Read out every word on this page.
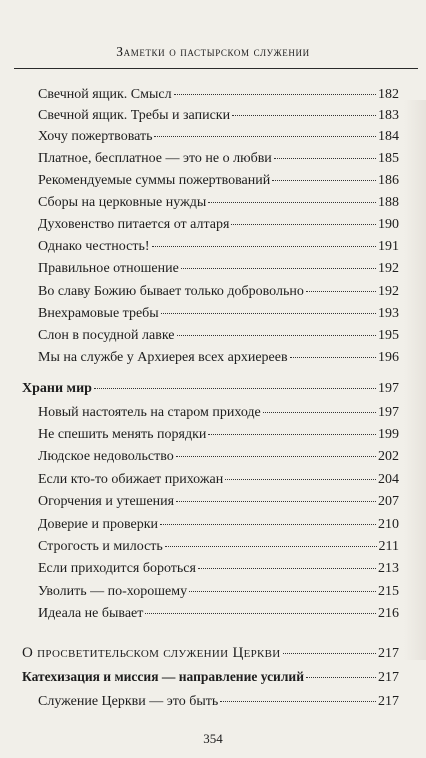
Заметки о пастырском служении
Свечной ящик. Смысл	182
Свечной ящик. Требы и записки	183
Хочу пожертвовать	184
Платное, бесплатное — это не о любви	185
Рекомендуемые суммы пожертвований	186
Сборы на церковные нужды	188
Духовенство питается от алтаря	190
Однако честность!	191
Правильное отношение	192
Во славу Божию бывает только добровольно	192
Внехрамовые требы	193
Слон в посудной лавке	195
Мы на службе у Архиерея всех архиереев	196
Храни мир	197
Новый настоятель на старом приходе	197
Не спешить менять порядки	199
Людское недовольство	202
Если кто-то обижает прихожан	204
Огорчения и утешения	207
Доверие и проверки	210
Строгость и милость	211
Если приходится бороться	213
Уволить — по-хорошему	215
Идеала не бывает	216
О просветительском служении Церкви	217
Катехизация и миссия — направление усилий	217
Служение Церкви — это быть	217
354
